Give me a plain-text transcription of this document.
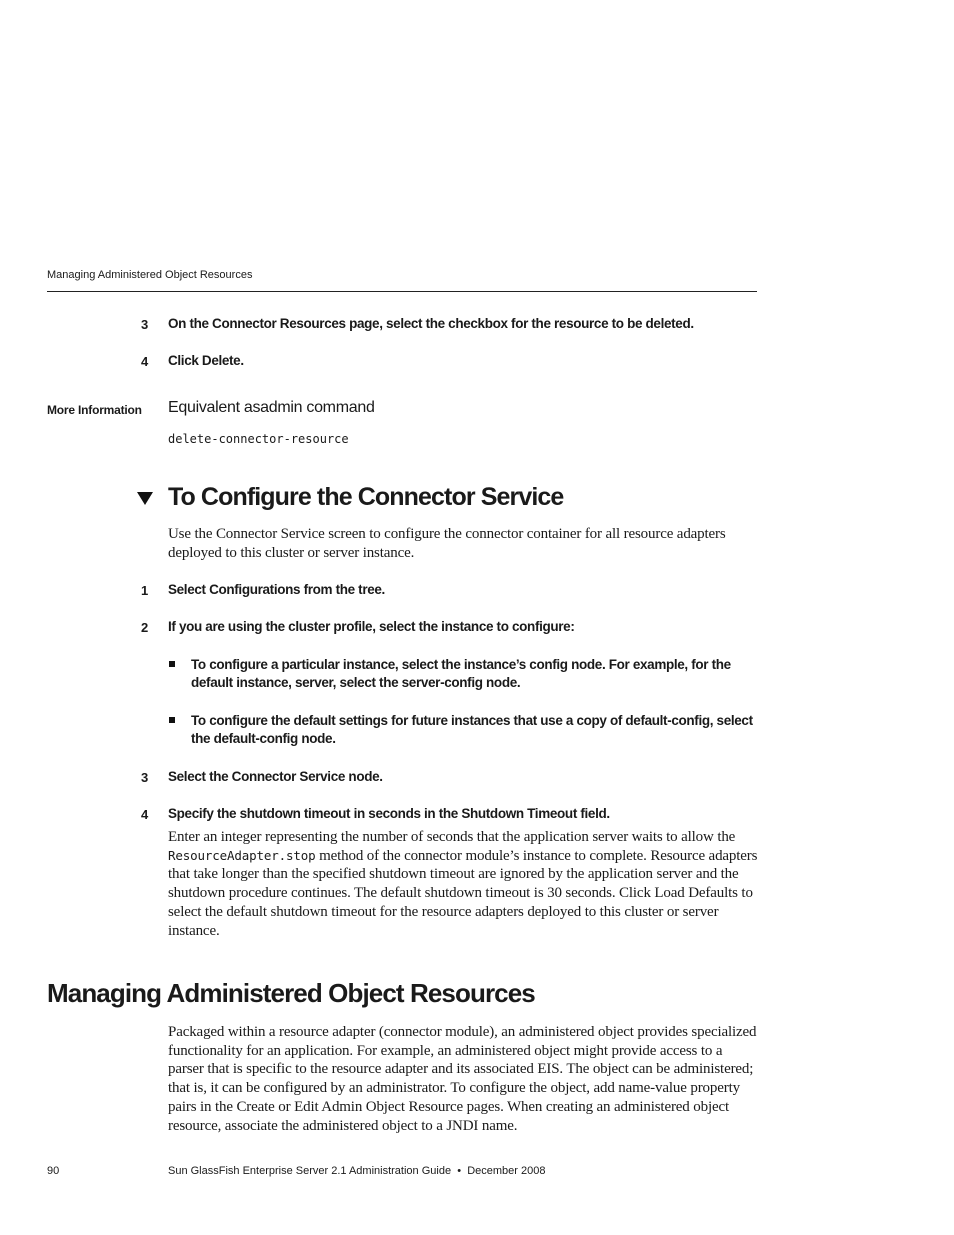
Managing Administered Object Resources
3	On the Connector Resources page, select the checkbox for the resource to be deleted.
4	Click Delete.
More Information Equivalent asadmin command
delete-connector-resource
To Configure the Connector Service
Use the Connector Service screen to configure the connector container for all resource adapters deployed to this cluster or server instance.
1	Select Configurations from the tree.
2	If you are using the cluster profile, select the instance to configure:
To configure a particular instance, select the instance’s config node. For example, for the default instance, server, select the server-config node.
To configure the default settings for future instances that use a copy of default-config, select the default-config node.
3	Select the Connector Service node.
4	Specify the shutdown timeout in seconds in the Shutdown Timeout field.
Enter an integer representing the number of seconds that the application server waits to allow the ResourceAdapter.stop method of the connector module’s instance to complete. Resource adapters that take longer than the specified shutdown timeout are ignored by the application server and the shutdown procedure continues. The default shutdown timeout is 30 seconds. Click Load Defaults to select the default shutdown timeout for the resource adapters deployed to this cluster or server instance.
Managing Administered Object Resources
Packaged within a resource adapter (connector module), an administered object provides specialized functionality for an application. For example, an administered object might provide access to a parser that is specific to the resource adapter and its associated EIS. The object can be administered; that is, it can be configured by an administrator. To configure the object, add name-value property pairs in the Create or Edit Admin Object Resource pages. When creating an administered object resource, associate the administered object to a JNDI name.
90	Sun GlassFish Enterprise Server 2.1 Administration Guide • December 2008
